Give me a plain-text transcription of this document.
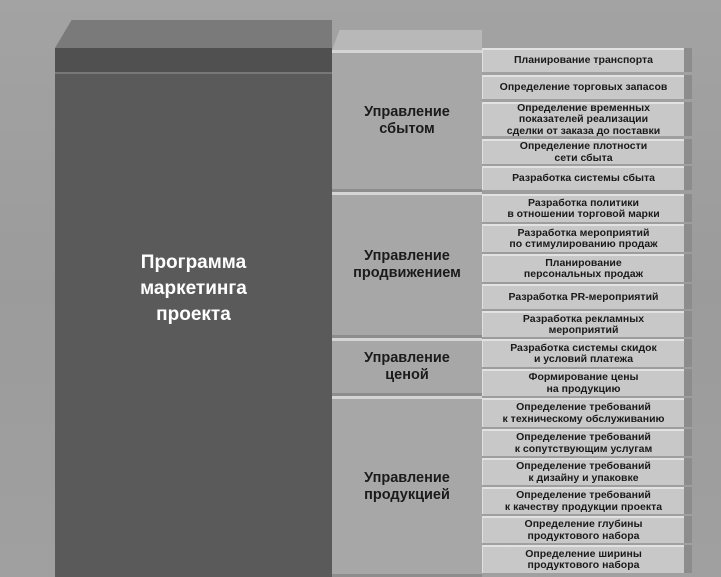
Программа
маркетинга
проекта
Управление
сбытом
Управление
продвижением
Управление
ценой
Управление
продукцией
Планирование транспорта
Определение торговых запасов
Определение временных
показателей реализации
сделки от заказа до поставки
Определение плотности
сети сбыта
Разработка системы сбыта
Разработка политики
в отношении торговой марки
Разработка мероприятий
по стимулированию продаж
Планирование
персональных продаж
Разработка PR-мероприятий
Разработка рекламных
мероприятий
Разработка системы скидок
и условий платежа
Формирование цены
на продукцию
Определение требований
к техническому обслуживанию
Определение требований
к сопутствующим услугам
Определение требований
к дизайну и упаковке
Определение требований
к качеству продукции проекта
Определение глубины
продуктового набора
Определение ширины
продуктового набора
